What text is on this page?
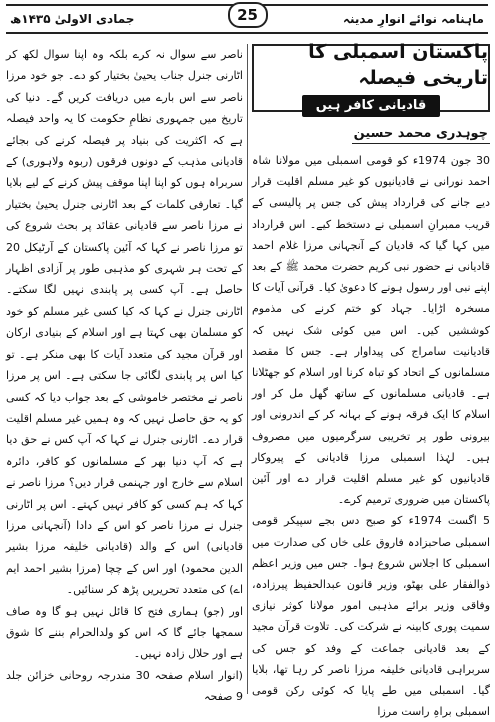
ماہنامہ نوائے انوارِ مدینہ
جمادی الاولیٰ ۱۴۳۵ھ	25
پاکستان اسمبلی کا تاریخی فیصلہ
قادیانی کافر ہیں
چوہدری محمد حسین

30 جون 1974ء کو قومی اسمبلی میں مولانا شاہ احمد نورانی نے قادیانیوں کو غیر مسلم اقلیت قرار دیے جانے کی قرارداد پیش کی جس پر پالیسی کے قریب ممبرانِ اسمبلی نے دستخط کیے۔ اس قرارداد میں کہا گیا کہ قادیان کے آنجہانی مرزا غلام احمد قادیانی نے حضور نبی کریم حضرت محمد ﷺ کے بعد اپنے نبی اور رسول ہونے کا دعویٰ کیا۔ قرآنی آیات کا مسخرہ اڑایا۔ جہاد کو ختم کرنے کی مذموم کوششیں کیں۔ اس میں کوئی شک نہیں کہ قادیانیت سامراج کی پیداوار ہے۔ جس کا مقصد مسلمانوں کے اتحاد کو تباہ کرنا اور اسلام کو جھٹلانا ہے۔ قادیانی مسلمانوں کے ساتھ گھل مل کر اور اسلام کا ایک فرقہ ہونے کے بہانہ کر کے اندرونی اور بیرونی طور پر تخریبی سرگرمیوں میں مصروف ہیں۔ لہٰذا اسمبلی مرزا قادیانی کے پیروکار قادیانیوں کو غیر مسلم اقلیت قرار دے اور آئین پاکستان میں ضروری ترمیم کرے۔

5 اگست 1974ء کو صبح دس بجے سپیکر قومی اسمبلی صاحبزادہ فاروق علی خاں کی صدارت میں اسمبلی کا اجلاس شروع ہوا۔ جس میں وزیر اعظم ذوالفقار علی بھٹو، وزیر قانون عبدالحفیظ پیرزادہ، وفاقی وزیر برائے مذہبی امور مولانا کوثر نیازی سمیت پوری کابینہ نے شرکت کی۔ تلاوت قرآن مجید کے بعد قادیانی جماعت کے وفد کو جس کی سربراہی قادیانی خلیفہ مرزا ناصر کر رہا تھا، بلایا گیا۔ اسمبلی میں طے پایا کہ کوئی رکن قومی اسمبلی براہِ راست مرزا

ناصر سے سوال نہ کرے بلکہ وہ اپنا سوال لکھ کر اٹارنی جنرل جناب یحییٰ بختیار کو دے۔ جو خود مرزا ناصر سے اس بارے میں دریافت کریں گے۔ دنیا کی تاریخ میں جمہوری نظامِ حکومت کا یہ واحد فیصلہ ہے کہ اکثریت کی بنیاد پر فیصلہ کرنے کی بجائے قادیانی مذہب کے دونوں فرقوں (ربوہ ولاہوری) کے سربراہ ہوں کو اپنا اپنا موقف پیش کرنے کے لیے بلایا گیا۔ تعارفی کلمات کے بعد اٹارنی جنرل یحییٰ بختیار نے مرزا ناصر سے قادیانی عقائد پر بحث شروع کی تو مرزا ناصر نے کہا کہ آئین پاکستان کے آرٹیکل 20 کے تحت ہر شہری کو مذہبی طور پر آزادی اظہار حاصل ہے۔ آپ کسی پر پابندی نہیں لگا سکتے۔ اٹارنی جنرل نے کہا کہ کیا کسی غیر مسلم کو خود کو مسلمان بھی کہتا ہے اور اسلام کے بنیادی ارکان اور قرآن مجید کی متعدد آیات کا بھی منکر ہے۔ تو کیا اس پر پابندی لگائی جا سکتی ہے۔ اس پر مرزا ناصر نے مختصر خاموشی کے بعد جواب دیا کہ کسی کو یہ حق حاصل نہیں کہ وہ ہمیں غیر مسلم اقلیت قرار دے۔ اٹارنی جنرل نے کہا کہ آپ کس نے حق دیا ہے کہ آپ دنیا بھر کے مسلمانوں کو کافر، دائرہ اسلام سے خارج اور جہنمی قرار دیں؟ مرزا ناصر نے کہا کہ ہم کسی کو کافر نہیں کہتے۔ اس پر اٹارنی جنرل نے مرزا ناصر کو اس کے دادا (آنجہانی مرزا قادیانی) اس کے والد (قادیانی خلیفہ مرزا بشیر الدین محمود) اور اس کے چچا (مرزا بشیر احمد ایم اے) کی متعدد تحریریں پڑھ کر سنائیں۔

اور (جو) ہماری فتح کا قائل نہیں ہو گا وہ صاف سمجھا جائے گا کہ اس کو ولدالحرام بننے کا شوق ہے اور حلال زادہ نہیں۔

(انوار اسلام صفحہ 30 مندرجہ روحانی خزائن جلد 9 صفحہ
